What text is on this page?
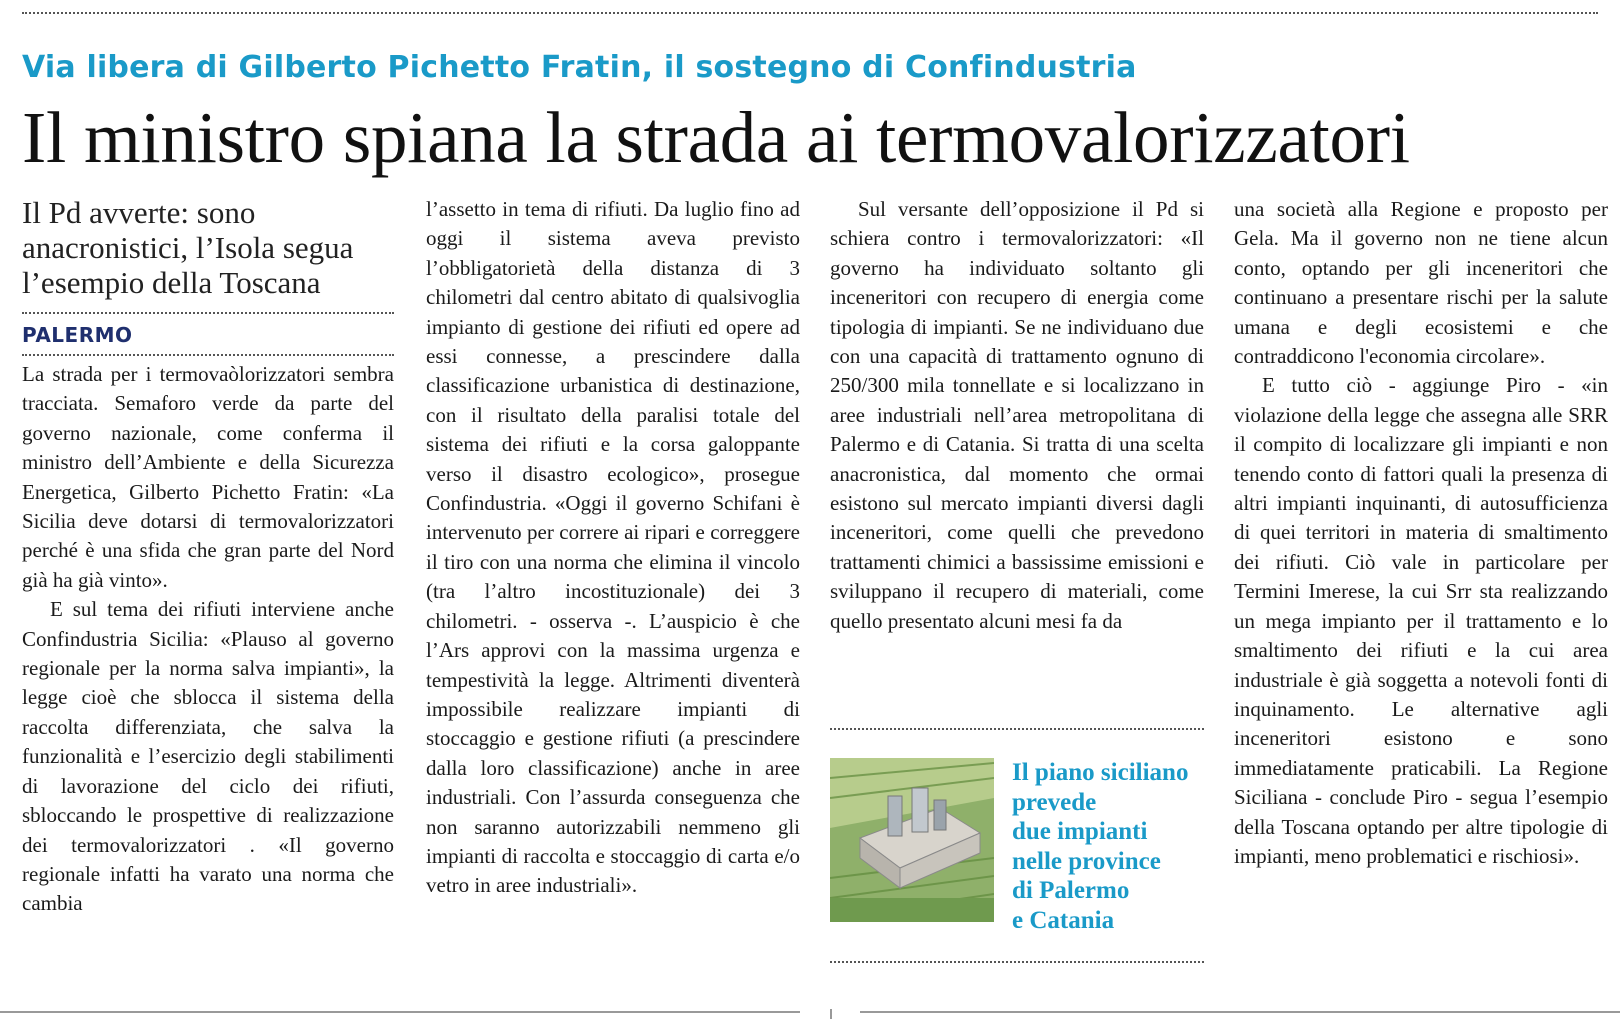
Via libera di Gilberto Pichetto Fratin, il sostegno di Confindustria
Il ministro spiana la strada ai termovalorizzatori
Il Pd avverte: sono anacronistici, l’Isola segua l’esempio della Toscana
PALERMO

La strada per i termovaòlorizzatori sembra tracciata. Semaforo verde da parte del governo nazionale, come conferma il ministro dell’Ambiente e della Sicurezza Energetica, Gilberto Pichetto Fratin: «La Sicilia deve dotarsi di termovalorizzatori perché è una sfida che gran parte del Nord già ha già vinto».

E sul tema dei rifiuti interviene anche Confindustria Sicilia: «Plauso al governo regionale per la norma salva impianti», la legge cioè che sblocca il sistema della raccolta differenziata, che salva la funzionalità e l’esercizio degli stabilimenti di lavorazione del ciclo dei rifiuti, sbloccando le prospettive di realizzazione dei termovalorizzatori . «Il governo regionale infatti ha varato una norma che cambia

l’assetto in tema di rifiuti. Da luglio fino ad oggi il sistema aveva previsto l’obbligatorietà della distanza di 3 chilometri dal centro abitato di qualsivoglia impianto di gestione dei rifiuti ed opere ad essi connesse, a prescindere dalla classificazione urbanistica di destinazione, con il risultato della paralisi totale del sistema dei rifiuti e la corsa galoppante verso il disastro ecologico», prosegue Confindustria. «Oggi il governo Schifani è intervenuto per correre ai ripari e correggere il tiro con una norma che elimina il vincolo (tra l’altro incostituzionale) dei 3 chilometri. - osserva -. L’auspicio è che l’Ars approvi con la massima urgenza e tempestività la legge. Altrimenti diventerà impossibile realizzare impianti di stoccaggio e gestione rifiuti (a prescindere dalla loro classificazione) anche in aree industriali. Con l’assurda conseguenza che non saranno autorizzabili nemmeno gli impianti di raccolta e stoccaggio di carta e/o vetro in aree industriali».

Sul versante dell’opposizione il Pd si schiera contro i termovalorizzatori: «Il governo ha individuato soltanto gli inceneritori con recupero di energia come tipologia di impianti. Se ne individuano due con una capacità di trattamento ognuno di 250/300 mila tonnellate e si localizzano in aree industriali nell’area metropolitana di Palermo e di Catania. Si tratta di una scelta anacronistica, dal momento che ormai esistono sul mercato impianti diversi dagli inceneritori, come quelli che prevedono trattamenti chimici a bassissime emissioni e sviluppano il recupero di materiali, come quello presentato alcuni mesi fa da

Il piano siciliano
prevede
due impianti
nelle province
di Palermo
e Catania

una società alla Regione e proposto per Gela. Ma il governo non ne tiene alcun conto, optando per gli inceneritori che continuano a presentare rischi per la salute umana e degli ecosistemi e che contraddicono l'economia circolare».

E tutto ciò - aggiunge Piro - «in violazione della legge che assegna alle SRR il compito di localizzare gli impianti e non tenendo conto di fattori quali la presenza di altri impianti inquinanti, di autosufficienza di quei territori in materia di smaltimento dei rifiuti. Ciò vale in particolare per Termini Imerese, la cui Srr sta realizzando un mega impianto per il trattamento e lo smaltimento dei rifiuti e la cui area industriale è già soggetta a notevoli fonti di inquinamento. Le alternative agli inceneritori esistono e sono immediatamente praticabili. La Regione Siciliana - conclude Piro - segua l’esempio della Toscana optando per altre tipologie di impianti, meno problematici e rischiosi».
